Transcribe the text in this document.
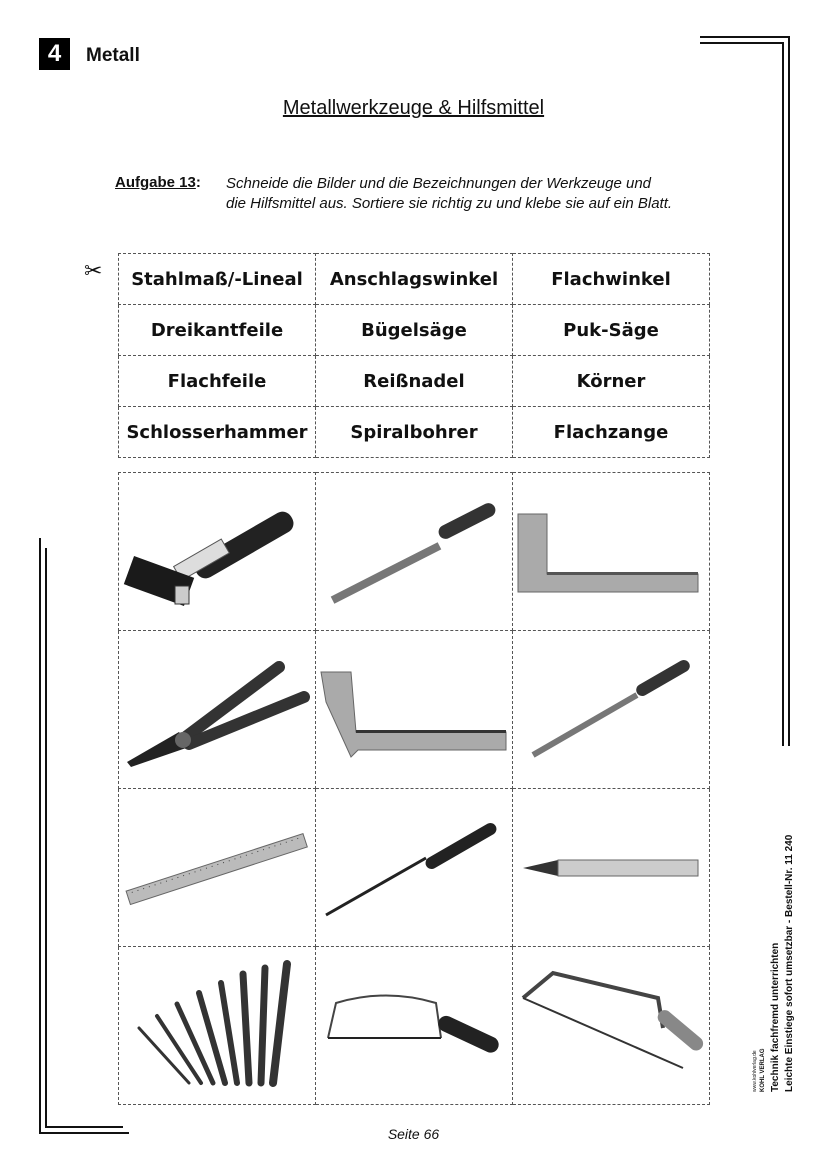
4	Metall
Metallwerkzeuge & Hilfsmittel
Aufgabe 13: Schneide die Bilder und die Bezeichnungen der Werkzeuge und
die Hilfsmittel aus. Sortiere sie richtig zu und klebe sie auf ein Blatt.
✂ Stahlmaß/-Lineal	Anschlagswinkel	Flachwinkel
Dreikantfeile	Bügelsäge	Puk-Säge
Flachfeile	Reißnadel	Körner
Schlosserhammer	Spiralbohrer	Flachzange

Technik fachfremd unterrichten Leichte Einstiege sofort umsetzbar - Bestell-Nr. 11 240
KOHL VERLAG
www.kohlverlag.de
Seite 66
